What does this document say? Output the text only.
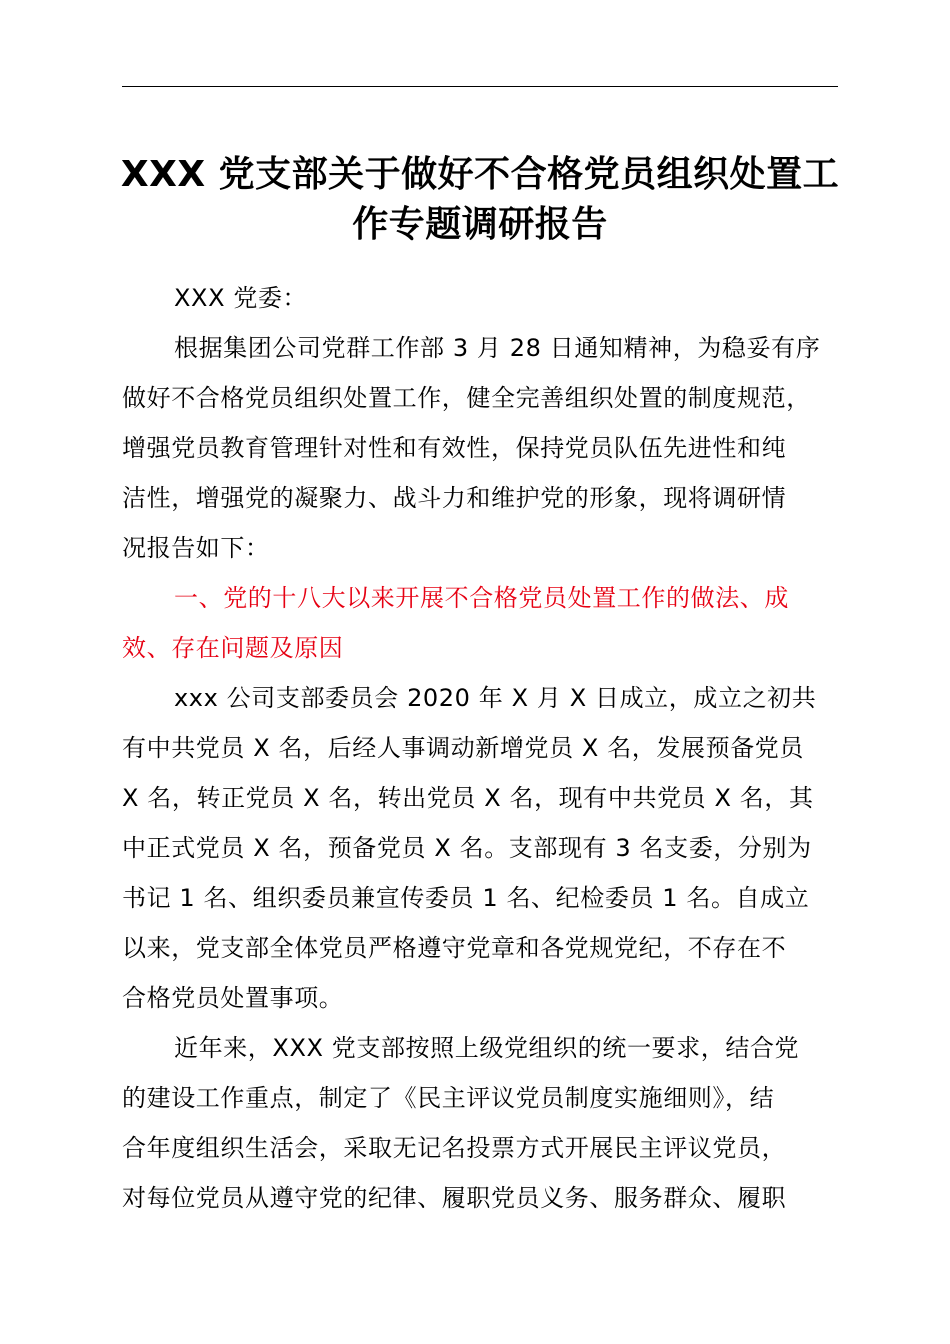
XXX 党支部关于做好不合格党员组织处置工
作专题调研报告
XXX 党委：
根据集团公司党群工作部 3 月 28 日通知精神，为稳妥有序
做好不合格党员组织处置工作，健全完善组织处置的制度规范，
增强党员教育管理针对性和有效性，保持党员队伍先进性和纯
洁性，增强党的凝聚力、战斗力和维护党的形象，现将调研情
况报告如下：
一、党的十八大以来开展不合格党员处置工作的做法、成
效、存在问题及原因
xxx 公司支部委员会 2020 年 X 月 X 日成立，成立之初共
有中共党员 X 名，后经人事调动新增党员 X 名，发展预备党员
X 名，转正党员 X 名，转出党员 X 名，现有中共党员 X 名，其
中正式党员 X 名，预备党员 X 名。支部现有 3 名支委，分别为
书记 1 名、组织委员兼宣传委员 1 名、纪检委员 1 名。自成立
以来，党支部全体党员严格遵守党章和各党规党纪，不存在不
合格党员处置事项。
近年来，XXX 党支部按照上级党组织的统一要求，结合党
的建设工作重点，制定了《民主评议党员制度实施细则》，结
合年度组织生活会，采取无记名投票方式开展民主评议党员，
对每位党员从遵守党的纪律、履职党员义务、服务群众、履职
